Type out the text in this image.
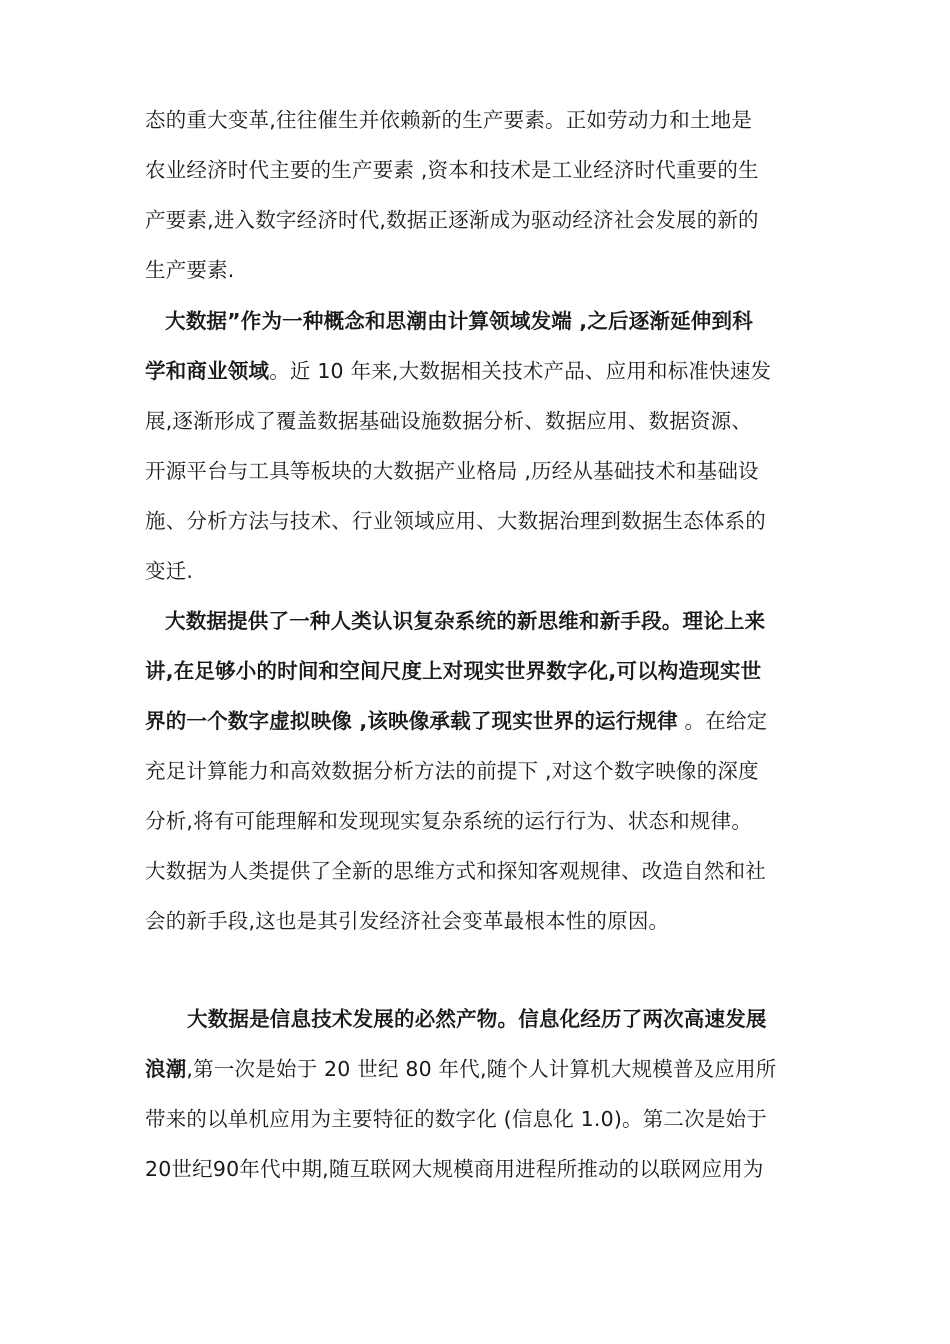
态的重大变革,往往催生并依赖新的生产要素。正如劳动力和土地是
农业经济时代主要的生产要素 ,资本和技术是工业经济时代重要的生
产要素,进入数字经济时代,数据正逐渐成为驱动经济社会发展的新的
生产要素.
大数据”作为一种概念和思潮由计算领域发端 ,之后逐渐延伸到科
学和商业领域。近 10 年来,大数据相关技术产品、应用和标准快速发
展,逐渐形成了覆盖数据基础设施数据分析、数据应用、数据资源、
开源平台与工具等板块的大数据产业格局 ,历经从基础技术和基础设
施、分析方法与技术、行业领域应用、大数据治理到数据生态体系的
变迁.
大数据提供了一种人类认识复杂系统的新思维和新手段。理论上来
讲,在足够小的时间和空间尺度上对现实世界数字化,可以构造现实世
界的一个数字虚拟映像 ,该映像承载了现实世界的运行规律 。在给定
充足计算能力和高效数据分析方法的前提下 ,对这个数字映像的深度
分析,将有可能理解和发现现实复杂系统的运行行为、状态和规律。
大数据为人类提供了全新的思维方式和探知客观规律、改造自然和社
会的新手段,这也是其引发经济社会变革最根本性的原因。
大数据是信息技术发展的必然产物。信息化经历了两次高速发展
浪潮,第一次是始于 20 世纪 80 年代,随个人计算机大规模普及应用所
带来的以单机应用为主要特征的数字化 (信息化 1.0)。第二次是始于
20世纪90年代中期,随互联网大规模商用进程所推动的以联网应用为
